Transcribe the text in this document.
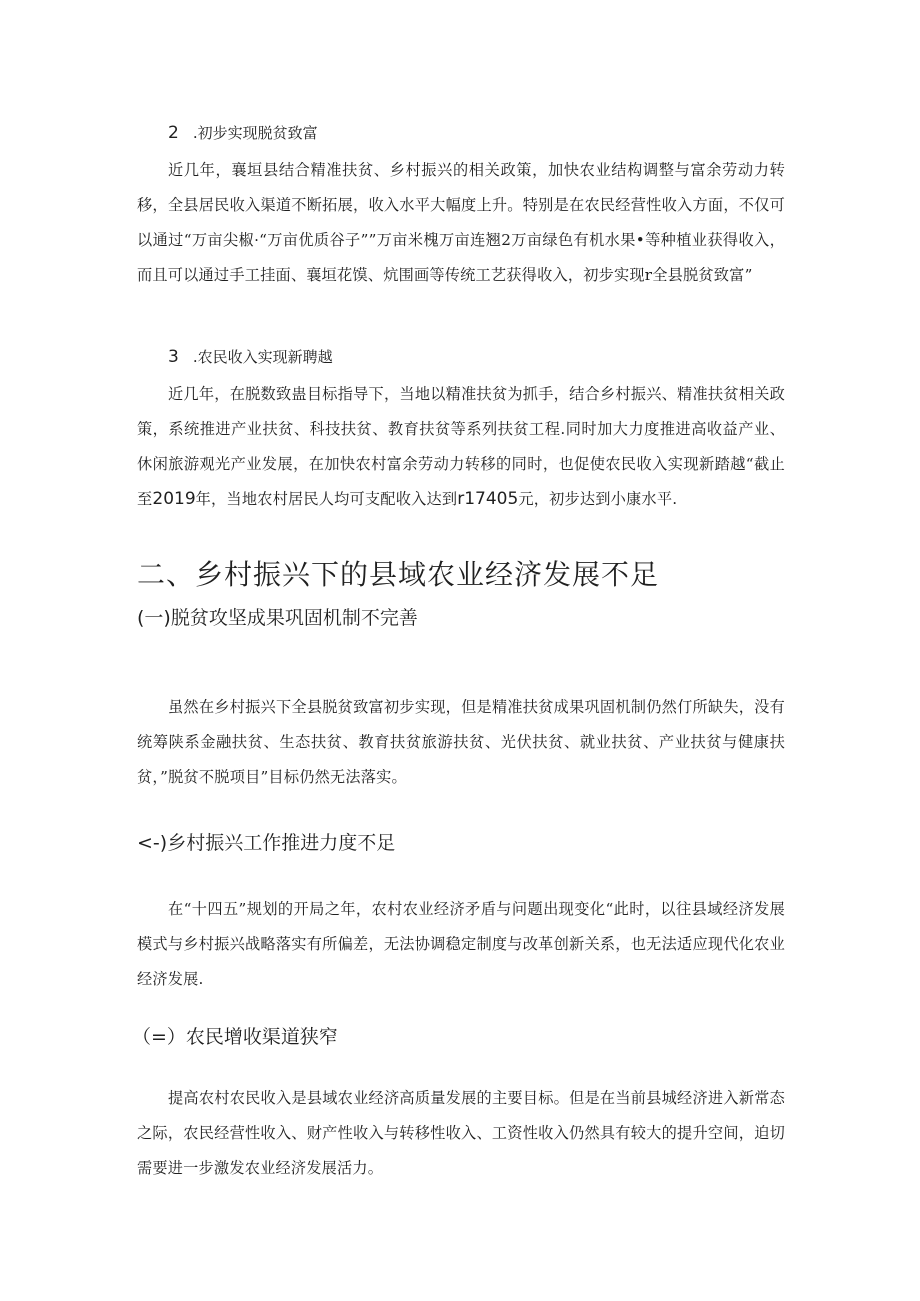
2 .初步实现脱贫致富

近几年，襄垣县结合精准扶贫、乡村振兴的相关政策，加快农业结构调整与富余劳动力转移，全县居民收入渠道不断拓展，收入水平大幅度上升。特别是在农民经营性收入方面，不仅可以通过“万亩尖椒·“万亩优质谷子””万亩米槐万亩连翘2万亩绿色有机水果•等种植业获得收入，而且可以通过手工挂面、襄垣花馍、炕围画等传统工艺获得收入，初步实现r全县脱贫致富”

3 .农民收入实现新聘越

近几年，在脱数致蛊目标指导下，当地以精准扶贫为抓手，结合乡村振兴、精准扶贫相关政策，系统推进产业扶贫、科技扶贫、教育扶贫等系列扶贫工程.同时加大力度推进高收益产业、休闲旅游观光产业发展，在加快农村富余劳动力转移的同时，也促使农民收入实现新踏越“截止至2019年，当地农村居民人均可支配收入达到r17405元，初步达到小康水平.

二、乡村振兴下的县域农业经济发展不足
(一)脱贫攻坚成果巩固机制不完善

虽然在乡村振兴下全县脱贫致富初步实现，但是精准扶贫成果巩固机制仍然仃所缺失，没有统筹陕系金融扶贫、生态扶贫、教育扶贫旅游扶贫、光伏扶贫、就业扶贫、产业扶贫与健康扶贫，”脱贫不脱项目”目标仍然无法落实。

<-)乡村振兴工作推进力度不足

在“十四五”规划的开局之年，农村农业经济矛盾与问题出现变化“此时，以往县域经济发展模式与乡村振兴战略落实有所偏差，无法协调稳定制度与改革创新关系，也无法适应现代化农业经济发展.

（=）农民增收渠道狭窄

提高农村农民收入是县域农业经济高质量发展的主要目标。但是在当前县城经济进入新常态之际，农民经营性收入、财产性收入与转移性收入、工资性收入仍然具有较大的提升空间，迫切需要进一步激发农业经济发展活力。
